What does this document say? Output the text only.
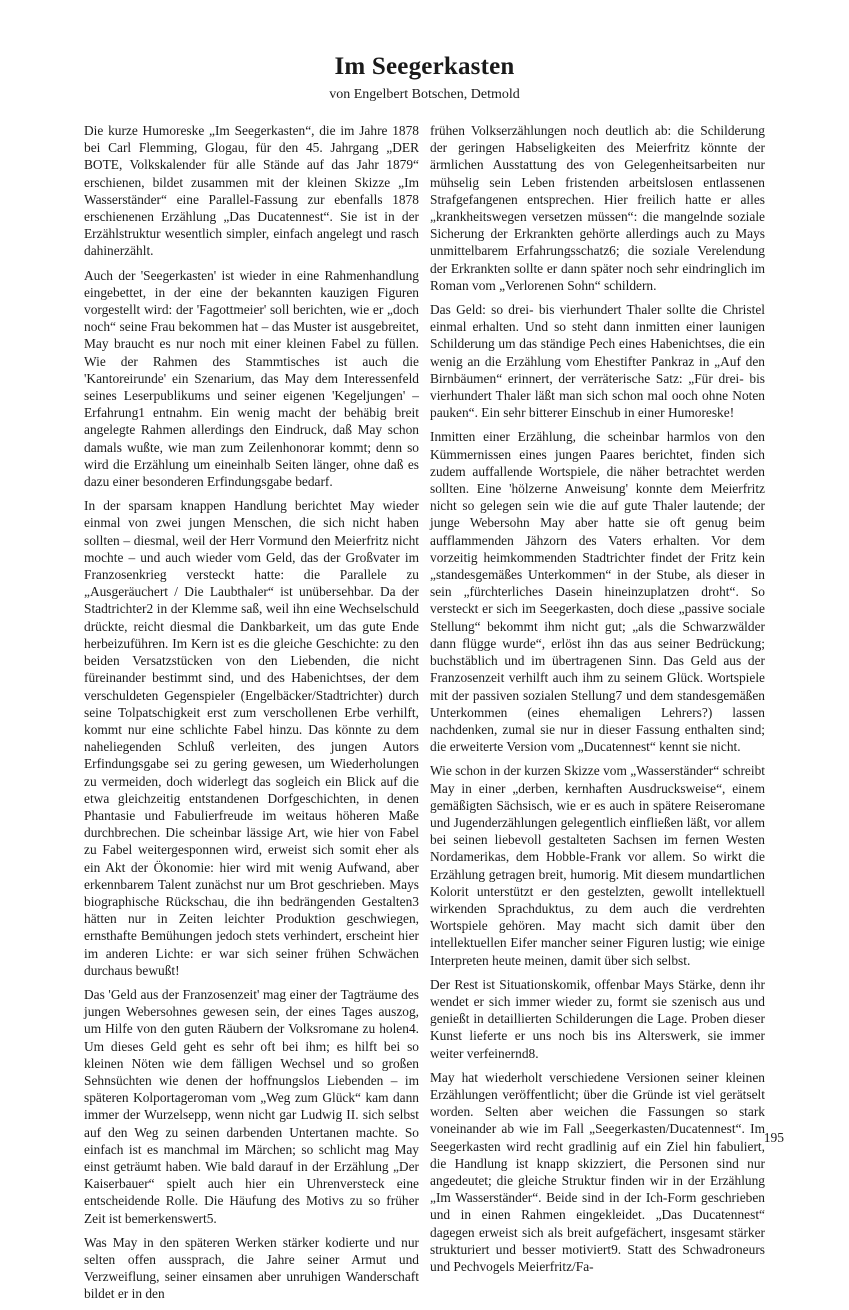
Im Seegerkasten
von Engelbert Botschen, Detmold

Die kurze Humoreske „Im Seegerkasten“, die im Jahre 1878 bei Carl Flemming, Glogau, für den 45. Jahrgang „DER BOTE, Volkskalender für alle Stände auf das Jahr 1879“ erschienen, bildet zusammen mit der kleinen Skizze „Im Wasserständer“ eine Parallel-Fassung zur ebenfalls 1878 erschienenen Erzählung „Das Ducatennest“. Sie ist in der Erzählstruktur wesentlich simpler, einfach angelegt und rasch dahinerzählt.

Auch der 'Seegerkasten' ist wieder in eine Rahmenhandlung eingebettet, in der eine der bekannten kauzigen Figuren vorgestellt wird: der 'Fagottmeier' soll berichten, wie er „doch noch“ seine Frau bekommen hat – das Muster ist ausgebreitet, May braucht es nur noch mit einer kleinen Fabel zu füllen. Wie der Rahmen des Stammtisches ist auch die 'Kantoreirunde' ein Szenarium, das May dem Interessenfeld seines Leserpublikums und seiner eigenen 'Kegeljungen' – Erfahrung1 entnahm. Ein wenig macht der behäbig breit angelegte Rahmen allerdings den Eindruck, daß May schon damals wußte, wie man zum Zeilenhonorar kommt; denn so wird die Erzählung um eineinhalb Seiten länger, ohne daß es dazu einer besonderen Erfindungsgabe bedarf.

In der sparsam knappen Handlung berichtet May wieder einmal von zwei jungen Menschen, die sich nicht haben sollten – diesmal, weil der Herr Vormund den Meierfritz nicht mochte – und auch wieder vom Geld, das der Großvater im Franzosenkrieg versteckt hatte: die Parallele zu „Ausgeräuchert / Die Laubthaler“ ist unübersehbar. Da der Stadtrichter2 in der Klemme saß, weil ihn eine Wechselschuld drückte, reicht diesmal die Dankbarkeit, um das gute Ende herbeizuführen. Im Kern ist es die gleiche Geschichte: zu den beiden Versatzstücken von den Liebenden, die nicht füreinander bestimmt sind, und des Habenichtses, der dem verschuldeten Gegenspieler (Engelbäcker/Stadtrichter) durch seine Tolpatschigkeit erst zum verschollenen Erbe verhilft, kommt nur eine schlichte Fabel hinzu. Das könnte zu dem naheliegenden Schluß verleiten, des jungen Autors Erfindungsgabe sei zu gering gewesen, um Wiederholungen zu vermeiden, doch widerlegt das sogleich ein Blick auf die etwa gleichzeitig entstandenen Dorfgeschichten, in denen Phantasie und Fabulierfreude im weitaus höheren Maße durchbrechen. Die scheinbar lässige Art, wie hier von Fabel zu Fabel weitergesponnen wird, erweist sich somit eher als ein Akt der Ökonomie: hier wird mit wenig Aufwand, aber erkennbarem Talent zunächst nur um Brot geschrieben. Mays biographische Rückschau, die ihn bedrängenden Gestalten3 hätten nur in Zeiten leichter Produktion geschwiegen, ernsthafte Bemühungen jedoch stets verhindert, erscheint hier im anderen Lichte: er war sich seiner frühen Schwächen durchaus bewußt!

Das 'Geld aus der Franzosenzeit' mag einer der Tagträume des jungen Webersohnes gewesen sein, der eines Tages auszog, um Hilfe von den guten Räubern der Volksromane zu holen4. Um dieses Geld geht es sehr oft bei ihm; es hilft bei so kleinen Nöten wie dem fälligen Wechsel und so großen Sehnsüchten wie denen der hoffnungslos Liebenden – im späteren Kolportageroman vom „Weg zum Glück“ kam dann immer der Wurzelsepp, wenn nicht gar Ludwig II. sich selbst auf den Weg zu seinen darbenden Untertanen machte. So einfach ist es manchmal im Märchen; so schlicht mag May einst geträumt haben. Wie bald darauf in der Erzählung „Der Kaiserbauer“ spielt auch hier ein Uhrenversteck eine entscheidende Rolle. Die Häufung des Motivs zu so früher Zeit ist bemerkenswert5.

Was May in den späteren Werken stärker kodierte und nur selten offen aussprach, die Jahre seiner Armut und Verzweiflung, seiner einsamen aber unruhigen Wanderschaft bildet er in den

frühen Volkserzählungen noch deutlich ab: die Schilderung der geringen Habseligkeiten des Meierfritz könnte der ärmlichen Ausstattung des von Gelegenheitsarbeiten nur mühselig sein Leben fristenden arbeitslosen entlassenen Strafgefangenen entsprechen. Hier freilich hatte er alles „krankheitswegen versetzen müssen“: die mangelnde soziale Sicherung der Erkrankten gehörte allerdings auch zu Mays unmittelbarem Erfahrungsschatz6; die soziale Verelendung der Erkrankten sollte er dann später noch sehr eindringlich im Roman vom „Verlorenen Sohn“ schildern.

Das Geld: so drei- bis vierhundert Thaler sollte die Christel einmal erhalten. Und so steht dann inmitten einer launigen Schilderung um das ständige Pech eines Habenichtses, die ein wenig an die Erzählung vom Ehestifter Pankraz in „Auf den Birnbäumen“ erinnert, der verräterische Satz: „Für drei- bis vierhundert Thaler läßt man sich schon mal ooch ohne Noten pauken“. Ein sehr bitterer Einschub in einer Humoreske!

Inmitten einer Erzählung, die scheinbar harmlos von den Kümmernissen eines jungen Paares berichtet, finden sich zudem auffallende Wortspiele, die näher betrachtet werden sollten. Eine 'hölzerne Anweisung' konnte dem Meierfritz nicht so gelegen sein wie die auf gute Thaler lautende; der junge Webersohn May aber hatte sie oft genug beim aufflammenden Jähzorn des Vaters erhalten. Vor dem vorzeitig heimkommenden Stadtrichter findet der Fritz kein „standesgemäßes Unterkommen“ in der Stube, als dieser in sein „fürchterliches Dasein hineinzuplatzen droht“. So versteckt er sich im Seegerkasten, doch diese „passive sociale Stellung“ bekommt ihm nicht gut; „als die Schwarzwälder dann flügge wurde“, erlöst ihn das aus seiner Bedrückung; buchstäblich und im übertragenen Sinn. Das Geld aus der Franzosenzeit verhilft auch ihm zu seinem Glück. Wortspiele mit der passiven sozialen Stellung7 und dem standesgemäßen Unterkommen (eines ehemaligen Lehrers?) lassen nachdenken, zumal sie nur in dieser Fassung enthalten sind; die erweiterte Version vom „Ducatennest“ kennt sie nicht.

Wie schon in der kurzen Skizze vom „Wasserständer“ schreibt May in einer „derben, kernhaften Ausdrucksweise“, einem gemäßigten Sächsisch, wie er es auch in spätere Reiseromane und Jugenderzählungen gelegentlich einfließen läßt, vor allem bei seinen liebevoll gestalteten Sachsen im fernen Westen Nordamerikas, dem Hobble-Frank vor allem. So wirkt die Erzählung getragen breit, humorig. Mit diesem mundartlichen Kolorit unterstützt er den gestelzten, gewollt intellektuell wirkenden Sprachduktus, zu dem auch die verdrehten Wortspiele gehören. May macht sich damit über den intellektuellen Eifer mancher seiner Figuren lustig; wie einige Interpreten heute meinen, damit über sich selbst.

Der Rest ist Situationskomik, offenbar Mays Stärke, denn ihr wendet er sich immer wieder zu, formt sie szenisch aus und genießt in detaillierten Schilderungen die Lage. Proben dieser Kunst lieferte er uns noch bis ins Alterswerk, sie immer weiter verfeinernd8.

May hat wiederholt verschiedene Versionen seiner kleinen Erzählungen veröffentlicht; über die Gründe ist viel gerätselt worden. Selten aber weichen die Fassungen so stark voneinander ab wie im Fall „Seegerkasten/Ducatennest“. Im Seegerkasten wird recht gradlinig auf ein Ziel hin fabuliert, die Handlung ist knapp skizziert, die Personen sind nur angedeutet; die gleiche Struktur finden wir in der Erzählung „Im Wasserständer“. Beide sind in der Ich-Form geschrieben und in einen Rahmen eingekleidet. „Das Ducatennest“ dagegen erweist sich als breit aufgefächert, insgesamt stärker strukturiert und besser motiviert9. Statt des Schwadroneurs und Pechvogels Meierfritz/Fa-

195
